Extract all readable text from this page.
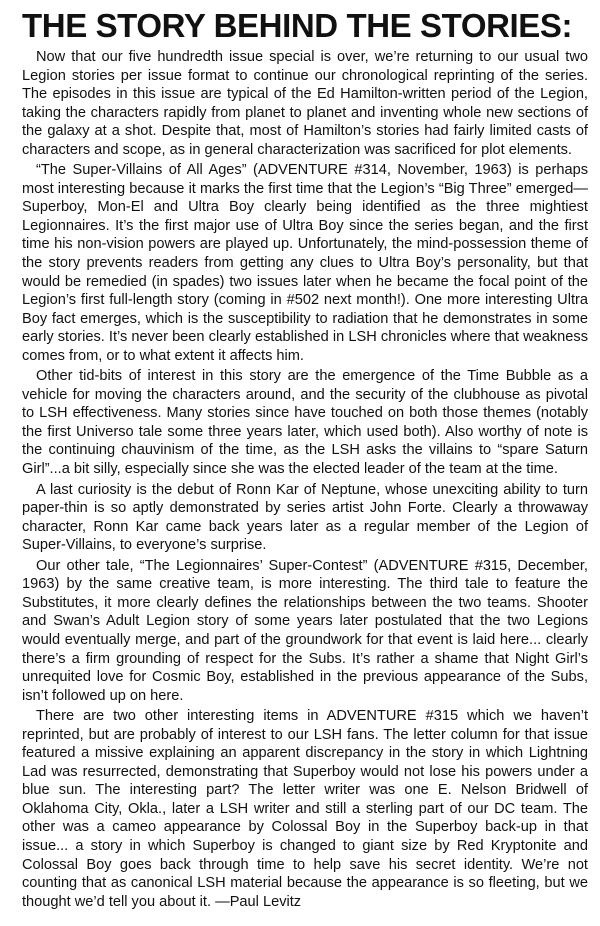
THE STORY BEHIND THE STORIES:

Now that our five hundredth issue special is over, we’re returning to our usual two Legion stories per issue format to continue our chronological reprinting of the series. The episodes in this issue are typical of the Ed Hamilton-written period of the Legion, taking the characters rapidly from planet to planet and inventing whole new sections of the galaxy at a shot. Despite that, most of Hamilton’s stories had fairly limited casts of characters and scope, as in general characterization was sacrificed for plot elements.

“The Super-Villains of All Ages” (ADVENTURE #314, November, 1963) is perhaps most interesting because it marks the first time that the Legion’s “Big Three” emerged—Superboy, Mon-El and Ultra Boy clearly being identified as the three mightiest Legionnaires. It’s the first major use of Ultra Boy since the series began, and the first time his non-vision powers are played up. Unfortunately, the mind-possession theme of the story prevents readers from getting any clues to Ultra Boy’s personality, but that would be remedied (in spades) two issues later when he became the focal point of the Legion’s first full-length story (coming in #502 next month!). One more interesting Ultra Boy fact emerges, which is the susceptibility to radiation that he demonstrates in some early stories. It’s never been clearly established in LSH chronicles where that weakness comes from, or to what extent it affects him.

Other tid-bits of interest in this story are the emergence of the Time Bubble as a vehicle for moving the characters around, and the security of the clubhouse as pivotal to LSH effectiveness. Many stories since have touched on both those themes (notably the first Universo tale some three years later, which used both). Also worthy of note is the continuing chauvinism of the time, as the LSH asks the villains to “spare Saturn Girl”...a bit silly, especially since she was the elected leader of the team at the time.

A last curiosity is the debut of Ronn Kar of Neptune, whose unexciting ability to turn paper-thin is so aptly demonstrated by series artist John Forte. Clearly a throwaway character, Ronn Kar came back years later as a regular member of the Legion of Super-Villains, to everyone’s surprise.

Our other tale, “The Legionnaires’ Super-Contest” (ADVENTURE #315, December, 1963) by the same creative team, is more interesting. The third tale to feature the Substitutes, it more clearly defines the relationships between the two teams. Shooter and Swan’s Adult Legion story of some years later postulated that the two Legions would eventually merge, and part of the groundwork for that event is laid here... clearly there’s a firm grounding of respect for the Subs. It’s rather a shame that Night Girl’s unrequited love for Cosmic Boy, established in the previous appearance of the Subs, isn’t followed up on here.

There are two other interesting items in ADVENTURE #315 which we haven’t reprinted, but are probably of interest to our LSH fans. The letter column for that issue featured a missive explaining an apparent discrepancy in the story in which Lightning Lad was resurrected, demonstrating that Superboy would not lose his powers under a blue sun. The interesting part? The letter writer was one E. Nelson Bridwell of Oklahoma City, Okla., later a LSH writer and still a sterling part of our DC team. The other was a cameo appearance by Colossal Boy in the Superboy back-up in that issue... a story in which Superboy is changed to giant size by Red Kryptonite and Colossal Boy goes back through time to help save his secret identity. We’re not counting that as canonical LSH material because the appearance is so fleeting, but we thought we’d tell you about it. —Paul Levitz
